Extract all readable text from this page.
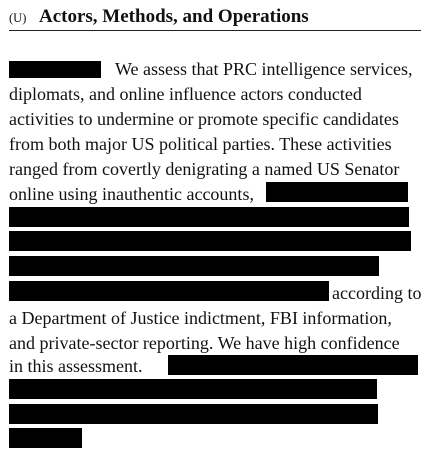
(U) Actors, Methods, and Operations
We assess that PRC intelligence services,
diplomats, and online influence actors conducted
activities to undermine or promote specific candidates
from both major US political parties. These activities
ranged from covertly denigrating a named US Senator
online using inauthentic accounts,
according to
a Department of Justice indictment, FBI information,
and private-sector reporting. We have high confidence
in this assessment.
